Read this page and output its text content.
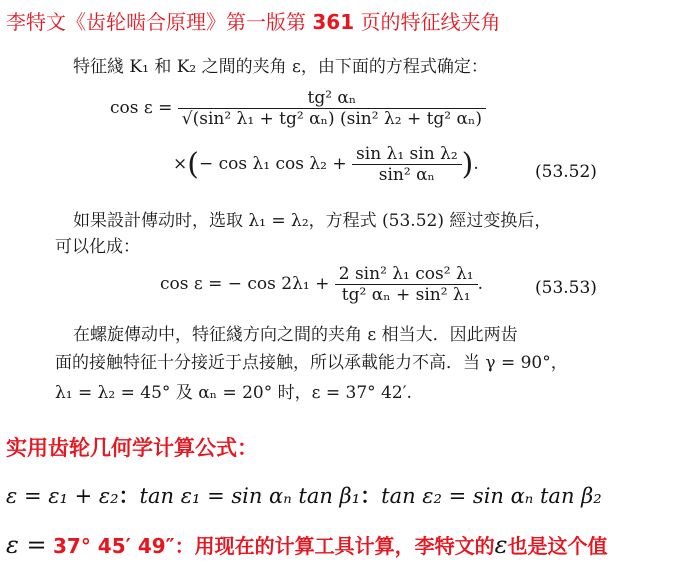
李特文《齿轮啮合原理》第一版第 361 页的特征线夹角
特征綫 K₁ 和 K₂ 之間的夹角 ε，由下面的方程式确定：
$\cos \varepsilon = \frac{\text{tg² αₙ}}{\text{√(sin² λ₁ + tg² αₙ) (sin² λ₂ + tg² αₙ)}}$
×(− cos λ₁ $\cos \lambda_2 + \frac{\text{sin λ₁ sin λ₂}}{\text{sin² αₙ}}$ ).	(53.52)
如果設計傳动时，选取 λ₁ = λ₂，方程式 (53.52) 經过变换后，
可以化成：
cos ε = − $\cos 2\lambda_1 + \frac{\text{2 sin² λ₁ cos² λ₁}}{\text{tg² αₙ + sin² λ₁}}$ .	(53.53)
在螺旋傳动中，特征綫方向之間的夹角 ε 相当大．因此两齿
面的接触特征十分接近于点接触，所以承載能力不高．当 γ = 90°，
λ₁ = λ₂ = 45° 及 αₙ = 20° 时，ε = 37° 42′.
实用齿轮几何学计算公式：
ε = ε₁ + ε₂：tan ε₁ = sin αₙ tan β₁：tan ε₂ = sin αₙ tan β₂
ε = 37° 45′ 49″：用现在的计算工具计算，李特文的ε也是这个值
